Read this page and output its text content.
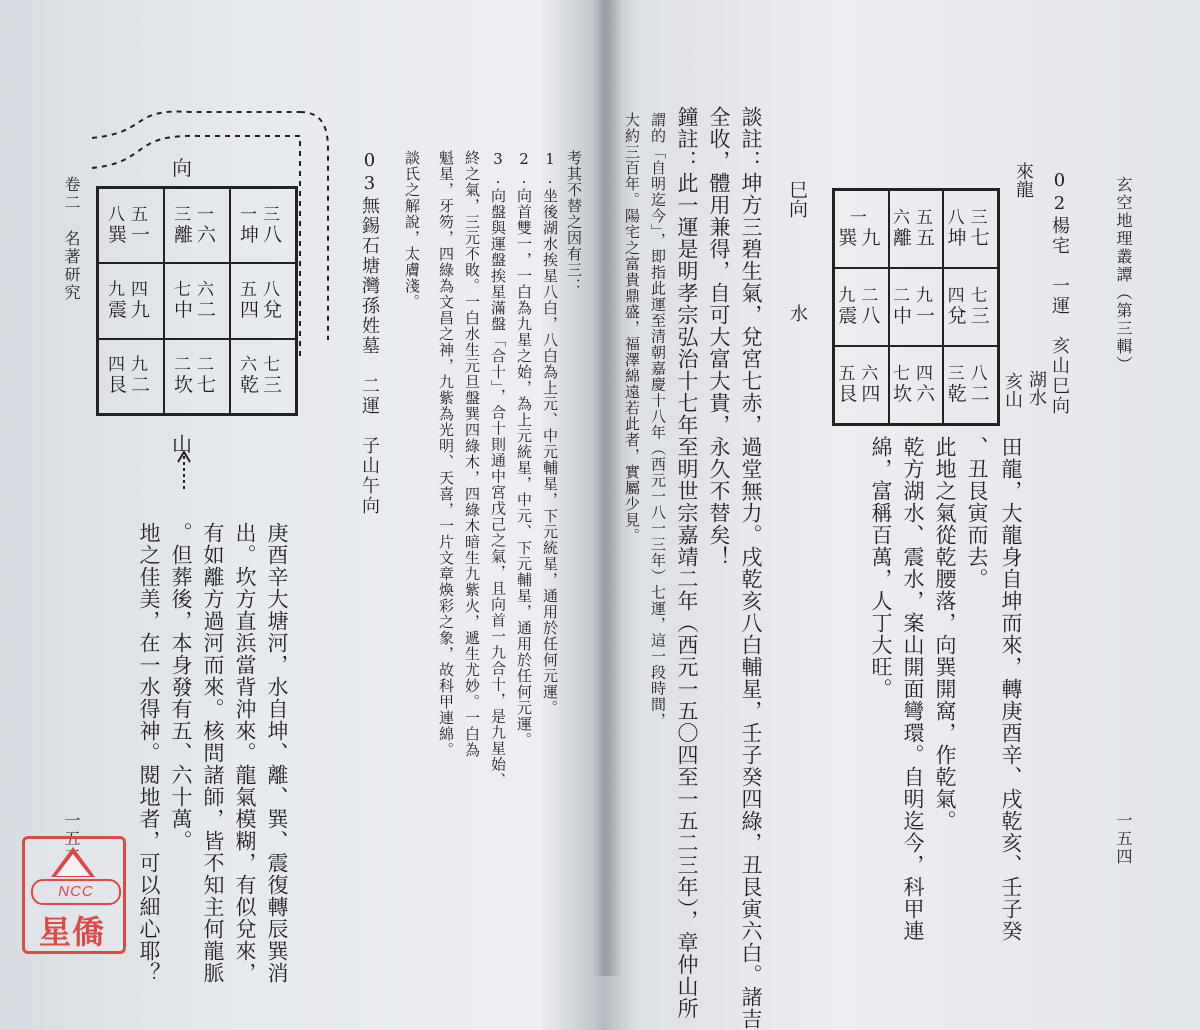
玄空地理叢譚（第三輯）
一五四
02楊宅　一運　亥山巳向
來龍
巳向
水
湖水
亥山
一
巽九
六五
離五
八三
坤七
九二
震八
二九
中一
四七
兌三
五六
艮四
七四
坎六
三八
乾二
田龍，大龍身自坤而來，轉庚酉辛、戌乾亥、壬子癸
、丑艮寅而去。
此地之氣從乾腰落，向巽開窩，作乾氣。
乾方湖水、震水，案山開面彎環。自明迄今，科甲連
綿，富稱百萬，人丁大旺。
談註：坤方三碧生氣，兌宮七赤，過堂無力。戌乾亥八白輔星，壬子癸四綠，丑艮寅六白。諸吉
全收，體用兼得，自可大富大貴，永久不替矣！
鐘註：此一運是明孝宗弘治十七年至明世宗嘉靖二年（西元一五〇四至一五二三年），章仲山所
謂的「自明迄今」，即指此運至清朝嘉慶十八年（西元一八一三年）七運，這一段時間，
大約三百年。陽宅之富貴鼎盛，福澤綿遠若此者，實屬少見。
卷二　名著研究
一五五
考其不替之因有三：
1.坐後湖水挨星八白，八白為上元、中元輔星，下元統星，通用於任何元運。
2.向首雙一，一白為九星之始，為上元統星，中元、下元輔星，通用於任何元運。
3.向盤與運盤挨星滿盤「合十」，合十則通中宮戊己之氣，且向首一九合十，是九星始、
終之氣，三元不敗。一白水生元旦盤巽四綠木，四綠木暗生九紫火，遞生尤妙。一白為
魁星，牙笏，四綠為文昌之神，九紫為光明、天喜，一片文章煥彩之象，故科甲連綿。
談氏之解說，太膚淺。
03無錫石塘灣孫姓墓　二運　子山午向
向
山
八五
巽一
三一
離六
一三
坤八
九四
震九
七六
中二
五八
四兌
四九
艮二
二二
坎七
六七
乾三
庚酉辛大塘河，水自坤、離、巽、震復轉辰巽消
出。坎方直浜當背沖來。龍氣模糊，有似兌來，
有如離方過河而來。核問諸師，皆不知主何龍脈
。但葬後，本身發有五、六十萬。
地之佳美，在一水得神。閱地者，可以細心耶？
NCC
星僑
